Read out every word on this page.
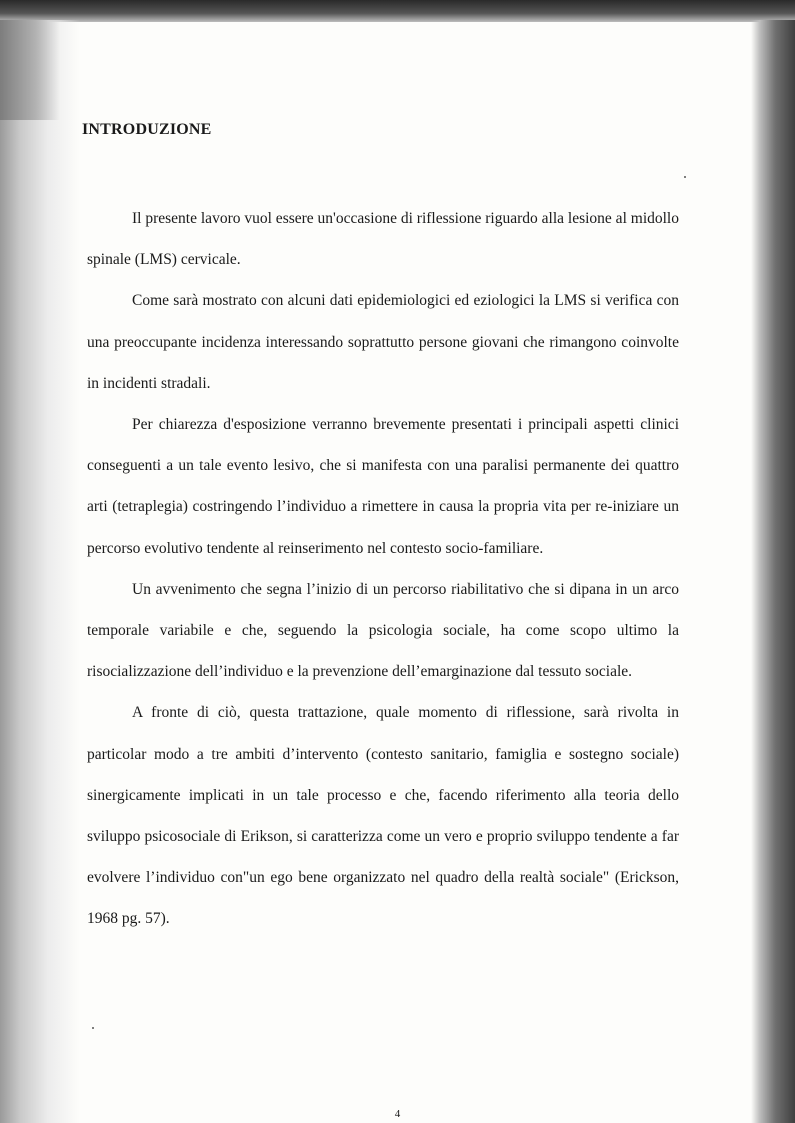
INTRODUZIONE

Il presente lavoro vuol essere un'occasione di riflessione riguardo alla lesione al midollo spinale (LMS) cervicale.

Come sarà mostrato con alcuni dati epidemiologici ed eziologici la LMS si verifica con una preoccupante incidenza interessando soprattutto persone giovani che rimangono coinvolte in incidenti stradali.

Per chiarezza d'esposizione verranno brevemente presentati i principali aspetti clinici conseguenti a un tale evento lesivo, che si manifesta con una paralisi permanente dei quattro arti (tetraplegia) costringendo l’individuo a rimettere in causa la propria vita per re-iniziare un percorso evolutivo tendente al reinserimento nel contesto socio-familiare.

Un avvenimento che segna l’inizio di un percorso riabilitativo che si dipana in un arco temporale variabile e che, seguendo la psicologia sociale, ha come scopo ultimo la risocializzazione dell’individuo e la prevenzione dell’emarginazione dal tessuto sociale.

A fronte di ciò, questa trattazione, quale momento di riflessione, sarà rivolta in particolar modo a tre ambiti d’intervento (contesto sanitario, famiglia e sostegno sociale) sinergicamente implicati in un tale processo e che, facendo riferimento alla teoria dello sviluppo psicosociale di Erikson, si caratterizza come un vero e proprio sviluppo tendente a far evolvere l’individuo con"un ego bene organizzato nel quadro della realtà sociale" (Erickson, 1968 pg. 57).

4
